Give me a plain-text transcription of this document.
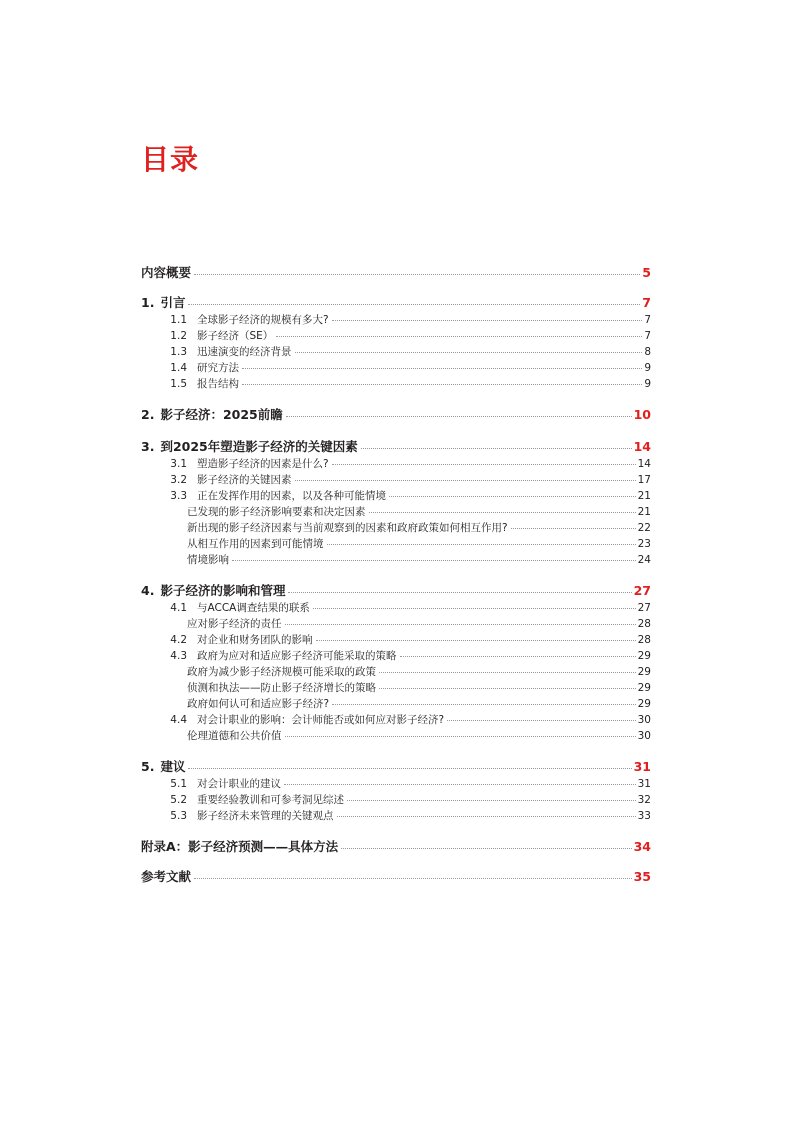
目录
内容概要	5
1. 引言	7
1.1 全球影子经济的规模有多大?	7
1.2 影子经济（SE）	7
1.3 迅速演变的经济背景	8
1.4 研究方法	9
1.5 报告结构	9
2. 影子经济：2025前瞻	10
3. 到2025年塑造影子经济的关键因素	14
3.1 塑造影子经济的因素是什么?	14
3.2 影子经济的关键因素	17
3.3 正在发挥作用的因素，以及各种可能情境	21
已发现的影子经济影响要素和决定因素	21
新出现的影子经济因素与当前观察到的因素和政府政策如何相互作用?	22
从相互作用的因素到可能情境	23
情境影响	24
4. 影子经济的影响和管理	27
4.1 与ACCA调查结果的联系	27
应对影子经济的责任	28
4.2 对企业和财务团队的影响	28
4.3 政府为应对和适应影子经济可能采取的策略	29
政府为减少影子经济规模可能采取的政策	29
侦测和执法——防止影子经济增长的策略	29
政府如何认可和适应影子经济?	29
4.4 对会计职业的影响：会计师能否或如何应对影子经济?	30
伦理道德和公共价值	30
5. 建议	31
5.1 对会计职业的建议	31
5.2 重要经验教训和可参考洞见综述	32
5.3 影子经济未来管理的关键观点	33
附录A：影子经济预测——具体方法	34
参考文献	35
